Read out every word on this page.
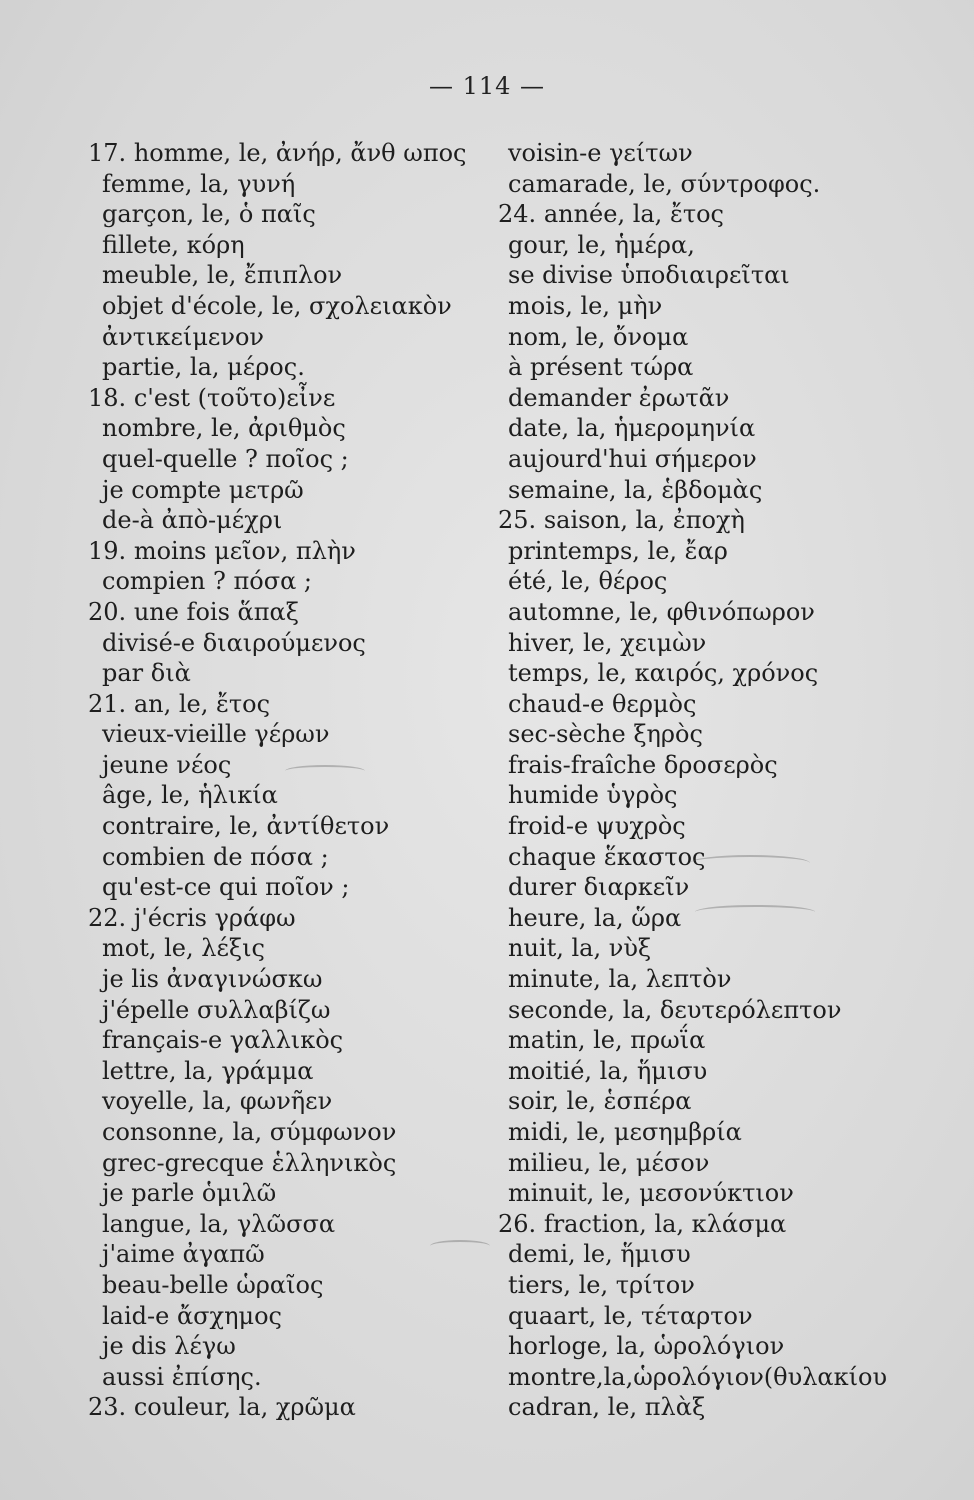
— 114 —
17. homme, le, ἀνήρ, ἄνθ ωπος
femme, la, γυνή
garçon, le, ὁ παῖς
fillete, κόρη
meuble, le, ἔπιπλον
objet d'école, le, σχολειακὸν
ἀντικείμενον
partie, la, μέρος.
18. c'est (τοῦτο)εἶνε
nombre, le, ἀριθμὸς
quel-quelle ? ποῖος ;
je compte μετρῶ
de-à ἀπὸ-μέχρι
19. moins μεῖον, πλὴν
compien ? πόσα ;
20. une fois ἅπαξ
divisé-e διαιρούμενος
par διὰ
21. an, le, ἔτος
vieux-vieille γέρων
jeune νέος
âge, le, ἡλικία
contraire, le, ἀντίθετον
combien de πόσα ;
qu'est-ce qui ποῖον ;
22. j'écris γράφω
mot, le, λέξις
je lis ἀναγινώσκω
j'épelle συλλαβίζω
français-e γαλλικὸς
lettre, la, γράμμα
voyelle, la, φωνῆεν
consonne, la, σύμφωνον
grec-grecque ἑλληνικὸς
je parle ὁμιλῶ
langue, la, γλῶσσα
j'aime ἀγαπῶ
beau-belle ὡραῖος
laid-e ἄσχημος
je dis λέγω
aussi ἐπίσης.
23. couleur, la, χρῶμα
voisin-e γείτων
camarade, le, σύντροφος.
24. année, la, ἔτος
gour, le, ἡμέρα,
se divise ὑποδιαιρεῖται
mois, le, μὴν
nom, le, ὄνομα
à présent τώρα
demander ἐρωτᾶν
date, la, ἡμερομηνία
aujourd'hui σήμερον
semaine, la, ἑβδομὰς
25. saison, la, ἐποχὴ
printemps, le, ἔαρ
été, le, θέρος
automne, le, φθινόπωρον
hiver, le, χειμὼν
temps, le, καιρός, χρόνος
chaud-e θερμὸς
sec-sèche ξηρὸς
frais-fraîche δροσερὸς
humide ὑγρὸς
froid-e ψυχρὸς
chaque ἕκαστος
durer διαρκεῖν
heure, la, ὥρα
nuit, la, νὺξ
minute, la, λεπτὸν
seconde, la, δευτερόλεπτον
matin, le, πρωΐα
moitié, la, ἥμισυ
soir, le, ἑσπέρα
midi, le, μεσημβρία
milieu, le, μέσον
minuit, le, μεσονύκτιον
26. fraction, la, κλάσμα
demi, le, ἥμισυ
tiers, le, τρίτον
quaart, le, τέταρτον
horloge, la, ὡρολόγιον
montre,la,ὡρολόγιον(θυλακίου
cadran, le, πλὰξ
